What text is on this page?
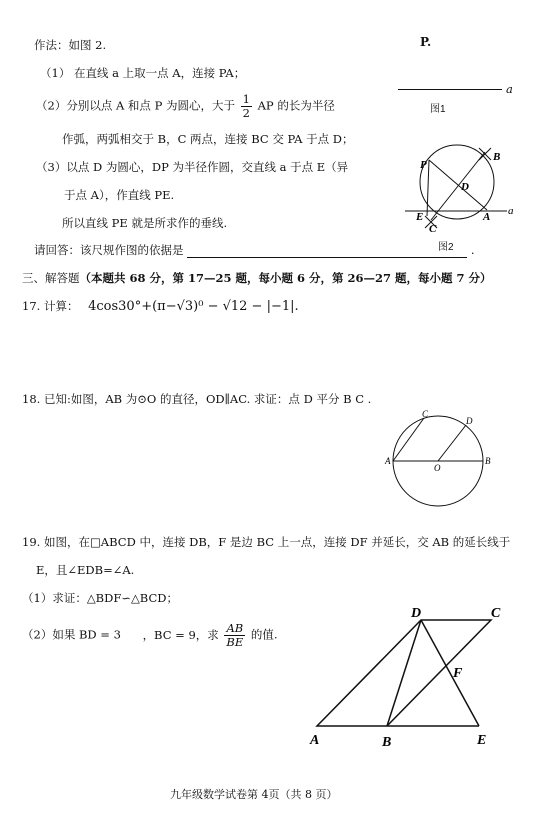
作法：如图 2.
（1） 在直线 a 上取一点 A，连接 PA；
（2）分别以点 A 和点 P 为圆心，大于 $\frac{1}{2}$ AP 的长为半径
作弧，两弧相交于 B，C 两点，连接 BC 交 PA 于点 D；
（3）以点 D 为圆心，DP 为半径作圆，交直线 a 于点 E（异
于点 A），作直线 PE.
所以直线 PE 就是所求作的垂线.
请回答：该尺规作图的依据是	.
P.
a
图1
P
B
D
E	A
C
a
图2
三、解答题（本题共 68 分，第 17—25 题，每小题 6 分，第 26—27 题，每小题 7 分）
17. 计算： 4cos30°+(π−√3)⁰ − √12 − |−1|.
18. 已知:如图，AB 为⊙O 的直径，OD∥AC. 求证：点 D 平分 B C .
C
D
A
O
B
19. 如图，在□ABCD 中，连接 DB，F 是边 BC 上一点，连接 DF 并延长，交 AB 的延长线于
E，且∠EDB=∠A.
（1）求证：△BDF∽△BCD；
（2）如果 BD = 3 ，BC = 9，求 $\frac{AB}{BE}$ 的值.
D	C
F
A	B	E
九年级数学试卷第 4页（共 8 页）
